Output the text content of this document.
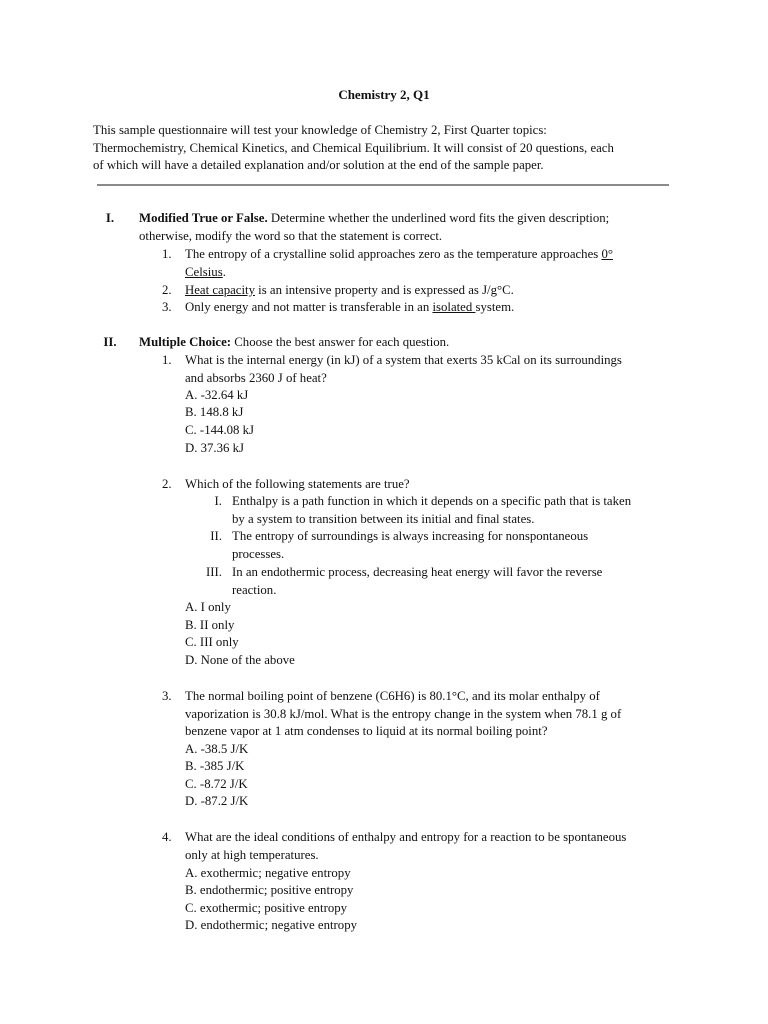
Chemistry 2, Q1

This sample questionnaire will test your knowledge of Chemistry 2, First Quarter topics:

Thermochemistry, Chemical Kinetics, and Chemical Equilibrium. It will consist of 20 questions, each

of which will have a detailed explanation and/or solution at the end of the sample paper.

I.	Modified True or False. Determine whether the underlined word fits the given description;
otherwise, modify the word so that the statement is correct.
1.	The entropy of a crystalline solid approaches zero as the temperature approaches 0°
Celsius.
2.	Heat capacity is an intensive property and is expressed as J/g°C.
3.	Only energy and not matter is transferable in an isolated system.
II. Multiple Choice: Choose the best answer for each question.
1.	What is the internal energy (in kJ) of a system that exerts 35 kCal on its surroundings
and absorbs 2360 J of heat?
A. -32.64 kJ
B. 148.8 kJ
C. -144.08 kJ
D. 37.36 kJ
2.	Which of the following statements are true?
I. Enthalpy is a path function in which it depends on a specific path that is taken
by a system to transition between its initial and final states.
II. The entropy of surroundings is always increasing for nonspontaneous
processes.
III. In an endothermic process, decreasing heat energy will favor the reverse
reaction.
A. I only
B. II only
C. III only
D. None of the above
3.	The normal boiling point of benzene (C6H6) is 80.1°C, and its molar enthalpy of
vaporization is 30.8 kJ/mol. What is the entropy change in the system when 78.1 g of
benzene vapor at 1 atm condenses to liquid at its normal boiling point?
A. -38.5 J/K
B. -385 J/K
C. -8.72 J/K
D. -87.2 J/K
4.	What are the ideal conditions of enthalpy and entropy for a reaction to be spontaneous
only at high temperatures.
A. exothermic; negative entropy
B. endothermic; positive entropy
C. exothermic; positive entropy
D. endothermic; negative entropy
